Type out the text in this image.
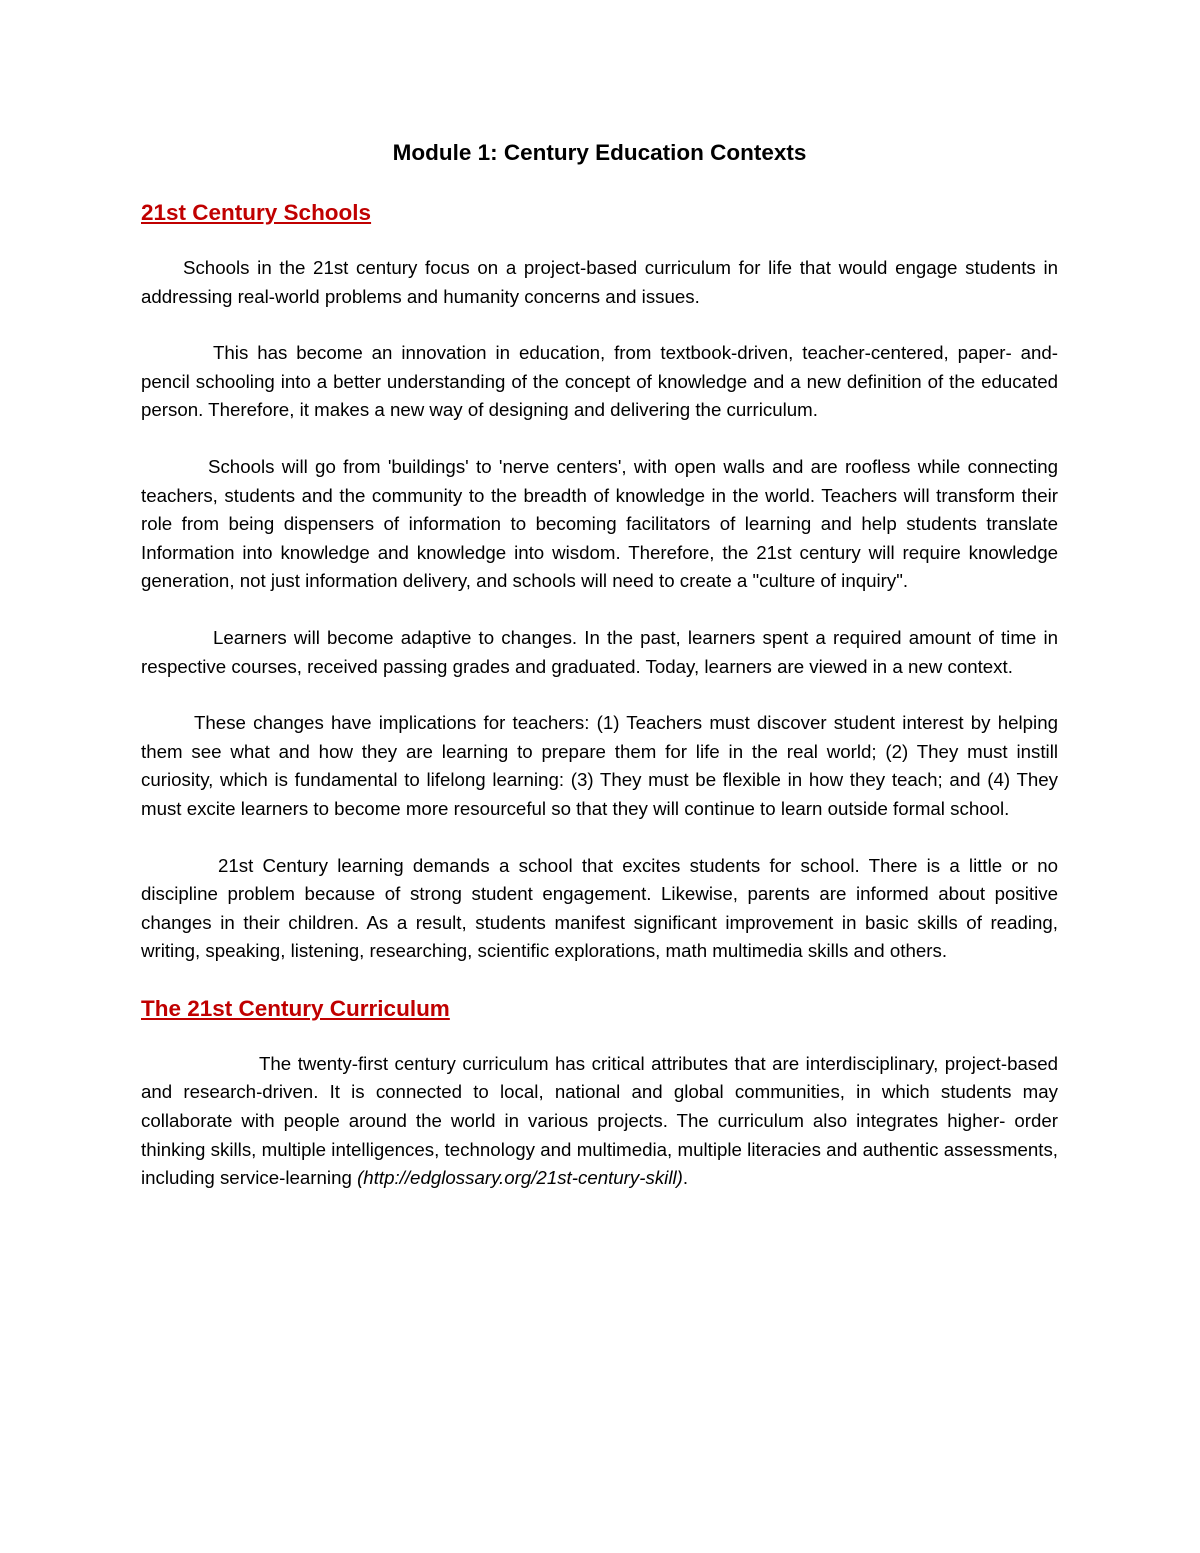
Module 1: Century Education Contexts
21st Century Schools

Schools in the 21st century focus on a project-based curriculum for life that would engage students in addressing real-world problems and humanity concerns and issues.

This has become an innovation in education, from textbook-driven, teacher-centered, paper- and-pencil schooling into a better understanding of the concept of knowledge and a new definition of the educated person. Therefore, it makes a new way of designing and delivering the curriculum.

Schools will go from 'buildings' to 'nerve centers', with open walls and are roofless while connecting teachers, students and the community to the breadth of knowledge in the world. Teachers will transform their role from being dispensers of information to becoming facilitators of learning and help students translate Information into knowledge and knowledge into wisdom. Therefore, the 21st century will require knowledge generation, not just information delivery, and schools will need to create a "culture of inquiry".

Learners will become adaptive to changes. In the past, learners spent a required amount of time in respective courses, received passing grades and graduated. Today, learners are viewed in a new context.

These changes have implications for teachers: (1) Teachers must discover student interest by helping them see what and how they are learning to prepare them for life in the real world; (2) They must instill curiosity, which is fundamental to lifelong learning: (3) They must be flexible in how they teach; and (4) They must excite learners to become more resourceful so that they will continue to learn outside formal school.

21st Century learning demands a school that excites students for school. There is a little or no discipline problem because of strong student engagement. Likewise, parents are informed about positive changes in their children. As a result, students manifest significant improvement in basic skills of reading, writing, speaking, listening, researching, scientific explorations, math multimedia skills and others.

The 21st Century Curriculum

The twenty-first century curriculum has critical attributes that are interdisciplinary, project-based and research-driven. It is connected to local, national and global communities, in which students may collaborate with people around the world in various projects. The curriculum also integrates higher- order thinking skills, multiple intelligences, technology and multimedia, multiple literacies and authentic assessments, including service-learning (http://edglossary.org/21st-century-skill).
